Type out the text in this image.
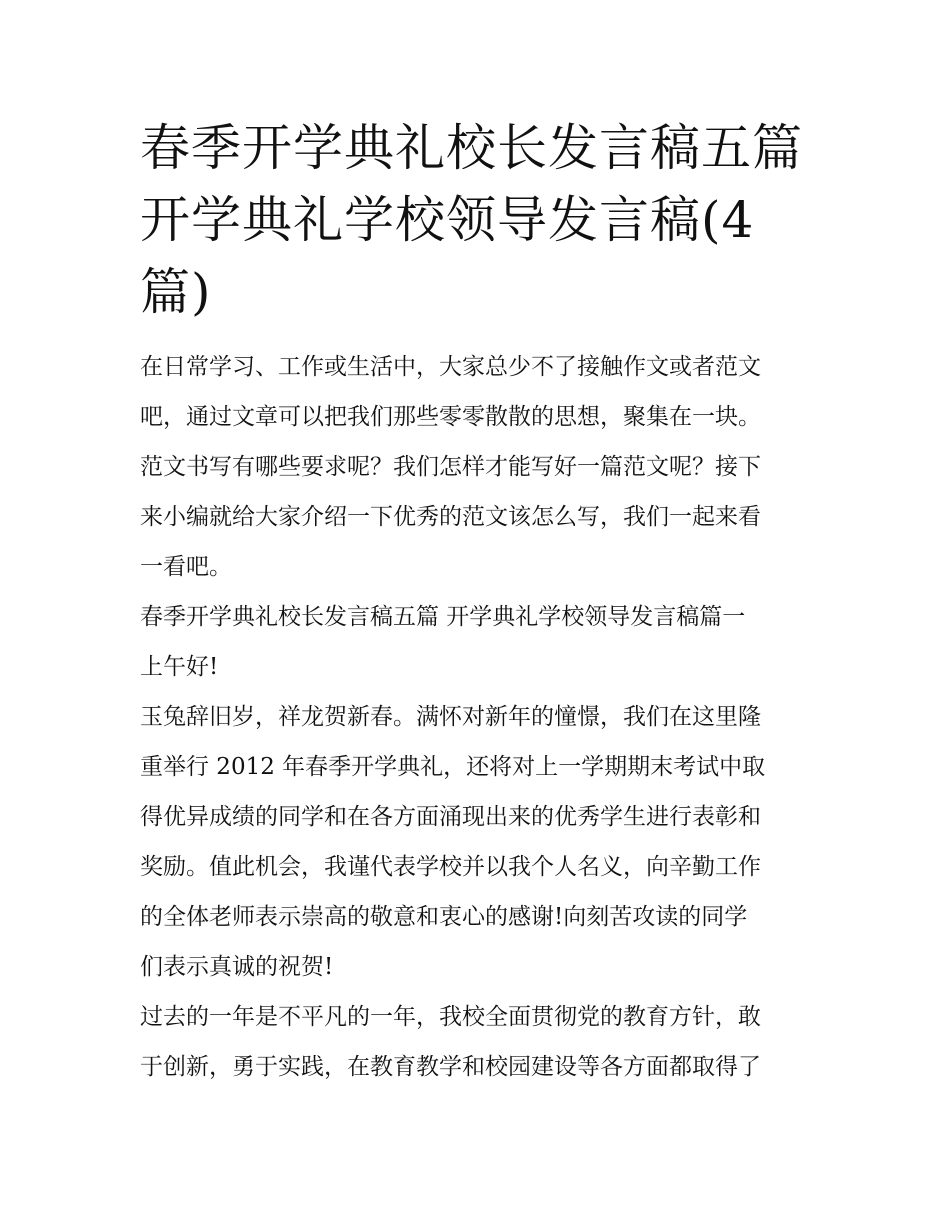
春季开学典礼校长发言稿五篇
开学典礼学校领导发言稿(4
篇)

在日常学习、工作或生活中，大家总少不了接触作文或者范文
吧，通过文章可以把我们那些零零散散的思想，聚集在一块。
范文书写有哪些要求呢？我们怎样才能写好一篇范文呢？接下
来小编就给大家介绍一下优秀的范文该怎么写，我们一起来看
一看吧。

春季开学典礼校长发言稿五篇 开学典礼学校领导发言稿篇一

上午好!

玉兔辞旧岁，祥龙贺新春。满怀对新年的憧憬，我们在这里隆
重举行 2012 年春季开学典礼，还将对上一学期期末考试中取
得优异成绩的同学和在各方面涌现出来的优秀学生进行表彰和
奖励。值此机会，我谨代表学校并以我个人名义，向辛勤工作
的全体老师表示崇高的敬意和衷心的感谢!向刻苦攻读的同学
们表示真诚的祝贺!

过去的一年是不平凡的一年，我校全面贯彻党的教育方针，敢
于创新，勇于实践，在教育教学和校园建设等各方面都取得了
